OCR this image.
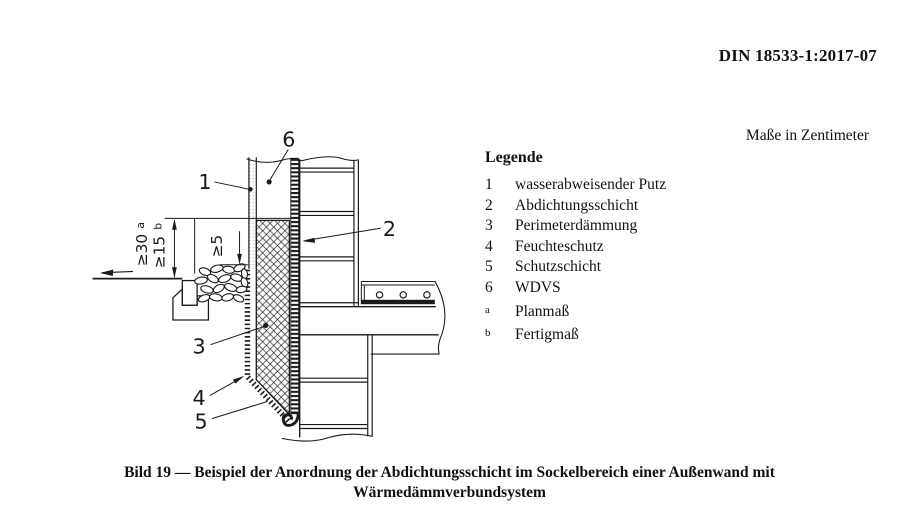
DIN 18533-1:2017-07
Maße in Zentimeter
Legende
1	wasserabweisender Putz
2	Abdichtungsschicht
3	Perimeterdämmung
4	Feuchteschutz
5	Schutzschicht
6	WDVS
a	Planmaß
b	Fertigmaß
1
2
3
4
5
6
≥30
a
≥15
b
≥5
Bild 19 — Beispiel der Anordnung der Abdichtungsschicht im Sockelbereich einer Außenwand mit
Wärmedämmverbundsystem
